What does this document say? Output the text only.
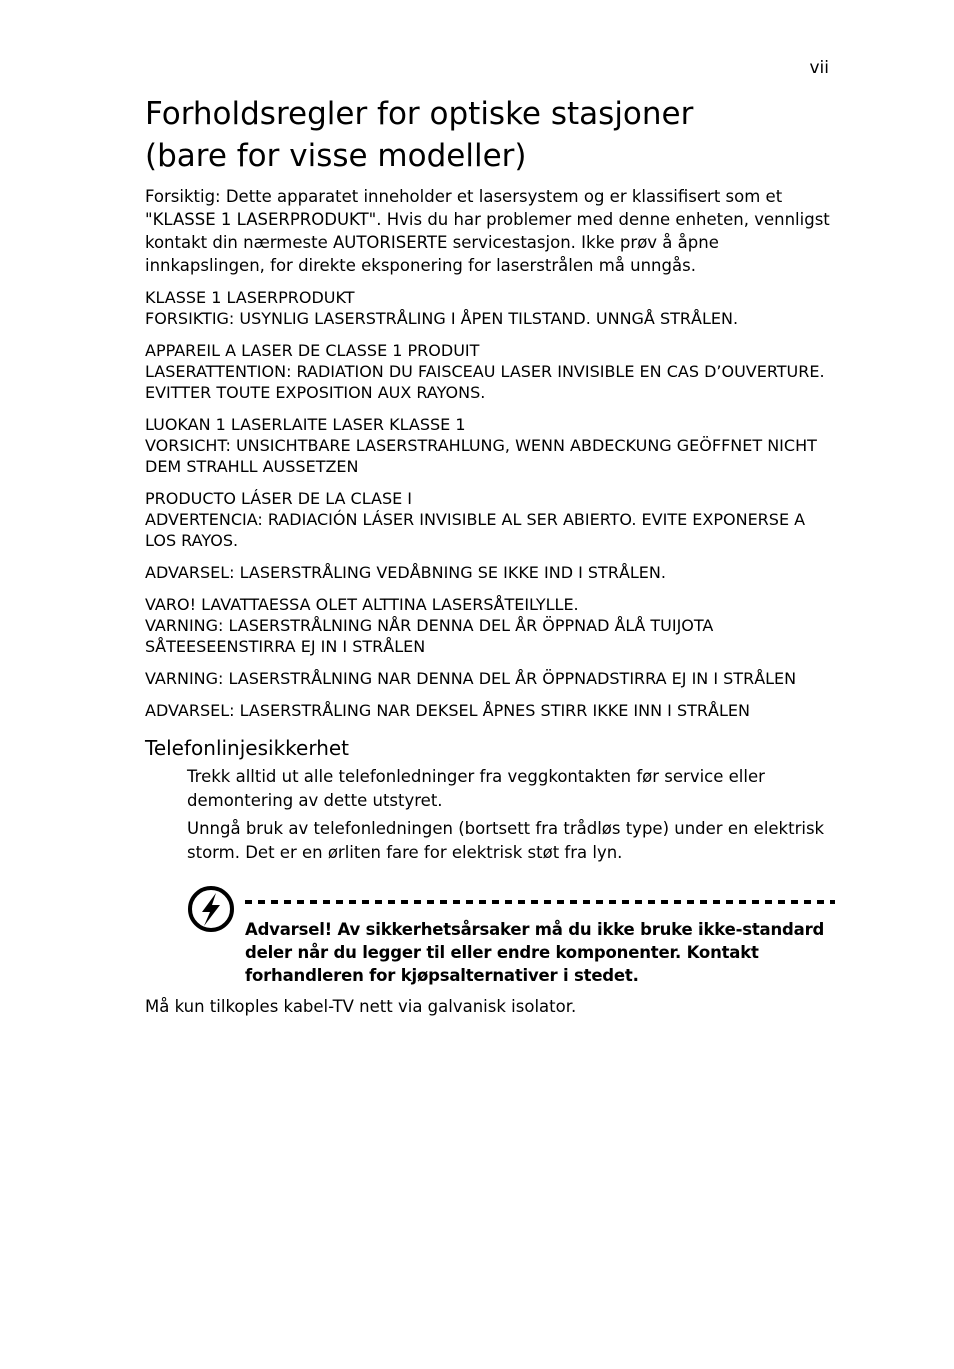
vii
Forholdsregler for optiske stasjoner
(bare for visse modeller)

Forsiktig: Dette apparatet inneholder et lasersystem og er klassifisert som et "KLASSE 1 LASERPRODUKT". Hvis du har problemer med denne enheten, vennligst kontakt din nærmeste AUTORISERTE servicestasjon. Ikke prøv å åpne innkapslingen, for direkte eksponering for laserstrålen må unngås.

KLASSE 1 LASERPRODUKT
FORSIKTIG: USYNLIG LASERSTRÅLING I ÅPEN TILSTAND. UNNGÅ STRÅLEN.
APPAREIL A LASER DE CLASSE 1 PRODUIT
LASERATTENTION: RADIATION DU FAISCEAU LASER INVISIBLE EN CAS D’OUVERTURE. EVITTER TOUTE EXPOSITION AUX RAYONS.
LUOKAN 1 LASERLAITE LASER KLASSE 1
VORSICHT: UNSICHTBARE LASERSTRAHLUNG, WENN ABDECKUNG GEÖFFNET NICHT DEM STRAHLL AUSSETZEN
PRODUCTO LÁSER DE LA CLASE I
ADVERTENCIA: RADIACIÓN LÁSER INVISIBLE AL SER ABIERTO. EVITE EXPONERSE A LOS RAYOS.
ADVARSEL: LASERSTRÅLING VEDÅBNING SE IKKE IND I STRÅLEN.
VARO! LAVATTAESSA OLET ALTTINA LASERSÅTEILYLLE.
VARNING: LASERSTRÅLNING NÅR DENNA DEL ÅR ÖPPNAD ÅLÅ TUIJOTA SÅTEESEENSTIRRA EJ IN I STRÅLEN
VARNING: LASERSTRÅLNING NAR DENNA DEL ÅR ÖPPNADSTIRRA EJ IN I STRÅLEN
ADVARSEL: LASERSTRÅLING NAR DEKSEL ÅPNES STIRR IKKE INN I STRÅLEN
Telefonlinjesikkerhet

Trekk alltid ut alle telefonledninger fra veggkontakten før service eller demontering av dette utstyret.

Unngå bruk av telefonledningen (bortsett fra trådløs type) under en elektrisk storm. Det er en ørliten fare for elektrisk støt fra lyn.

Advarsel! Av sikkerhetsårsaker må du ikke bruke ikke-standard deler når du legger til eller endre komponenter. Kontakt forhandleren for kjøpsalternativer i stedet.

Må kun tilkoples kabel-TV nett via galvanisk isolator.
